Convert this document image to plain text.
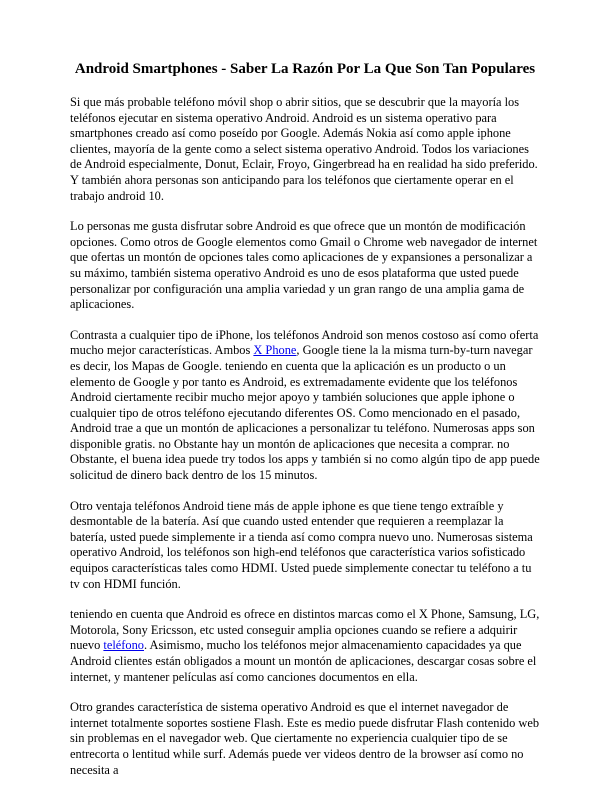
Android Smartphones - Saber La Razón Por La Que Son Tan Populares

Si que más probable teléfono móvil shop o abrir sitios, que se descubrir que la mayoría los teléfonos ejecutar en sistema operativo Android. Android es un sistema operativo para smartphones creado así como poseído por Google. Además Nokia así como apple iphone clientes, mayoría de la gente como a select sistema operativo Android. Todos los variaciones de Android especialmente, Donut, Eclair, Froyo, Gingerbread ha en realidad ha sido preferido. Y también ahora personas son anticipando para los teléfonos que ciertamente operar en el trabajo android 10.

Lo personas me gusta disfrutar sobre Android es que ofrece que un montón de modificación opciones. Como otros de Google elementos como Gmail o Chrome web navegador de internet que ofertas un montón de opciones tales como aplicaciones de y expansiones a personalizar a su máximo, también sistema operativo Android es uno de esos plataforma que usted puede personalizar por configuración una amplia variedad y un gran rango de una amplia gama de aplicaciones.

Contrasta a cualquier tipo de iPhone, los teléfonos Android son menos costoso así como oferta mucho mejor características. Ambos X Phone, Google tiene la la misma turn-by-turn navegar es decir, los Mapas de Google. teniendo en cuenta que la aplicación es un producto o un elemento de Google y por tanto es Android, es extremadamente evidente que los teléfonos Android ciertamente recibir mucho mejor apoyo y también soluciones que apple iphone o cualquier tipo de otros teléfono ejecutando diferentes OS. Como mencionado en el pasado, Android trae a que un montón de aplicaciones a personalizar tu teléfono. Numerosas apps son disponible gratis. no Obstante hay un montón de aplicaciones que necesita a comprar. no Obstante, el buena idea puede try todos los apps y también si no como algún tipo de app puede solicitud de dinero back dentro de los 15 minutos.

Otro ventaja teléfonos Android tiene más de apple iphone es que tiene tengo extraíble y desmontable de la batería. Así que cuando usted entender que requieren a reemplazar la batería, usted puede simplemente ir a tienda así como compra nuevo uno. Numerosas sistema operativo Android, los teléfonos son high-end teléfonos que característica varios sofisticado equipos características tales como HDMI. Usted puede simplemente conectar tu teléfono a tu tv con HDMI función.

teniendo en cuenta que Android es ofrece en distintos marcas como el X Phone, Samsung, LG, Motorola, Sony Ericsson, etc usted conseguir amplia opciones cuando se refiere a adquirir nuevo teléfono. Asimismo, mucho los teléfonos mejor almacenamiento capacidades ya que Android clientes están obligados a mount un montón de aplicaciones, descargar cosas sobre el internet, y mantener películas así como canciones documentos en ella.

Otro grandes característica de sistema operativo Android es que el internet navegador de internet totalmente soportes sostiene Flash. Este es medio puede disfrutar Flash contenido web sin problemas en el navegador web. Que ciertamente no experiencia cualquier tipo de se entrecorta o lentitud while surf. Además puede ver videos dentro de la browser así como no necesita a
